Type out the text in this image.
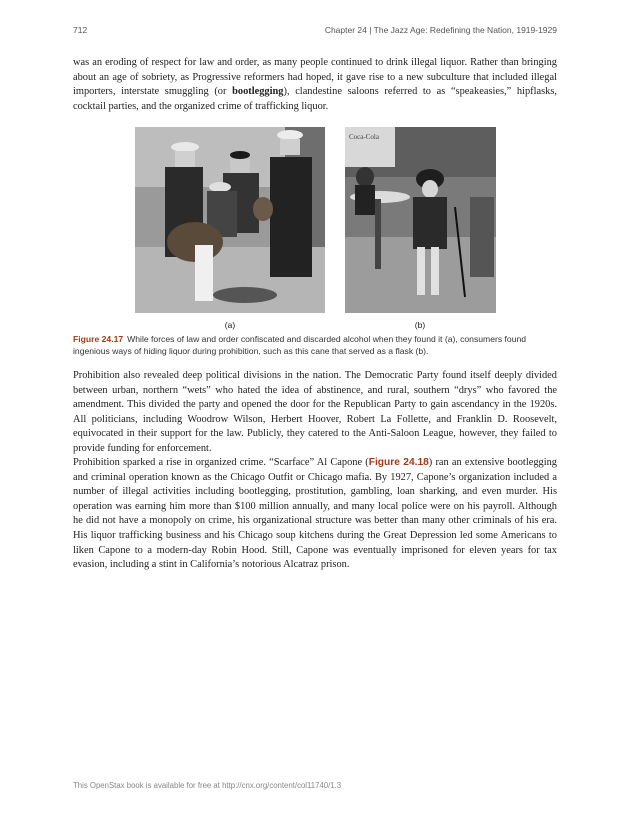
712	Chapter 24 | The Jazz Age: Redefining the Nation, 1919-1929

was an eroding of respect for law and order, as many people continued to drink illegal liquor. Rather than bringing about an age of sobriety, as Progressive reformers had hoped, it gave rise to a new subculture that included illegal importers, interstate smuggling (or bootlegging), clandestine saloons referred to as “speakeasies,” hipflasks, cocktail parties, and the organized crime of trafficking liquor.

Coca-Cola
(a)	(b)
Figure 24.17 While forces of law and order confiscated and discarded alcohol when they found it (a), consumers found ingenious ways of hiding liquor during prohibition, such as this cane that served as a flask (b).

Prohibition also revealed deep political divisions in the nation. The Democratic Party found itself deeply divided between urban, northern “wets” who hated the idea of abstinence, and rural, southern “drys” who favored the amendment. This divided the party and opened the door for the Republican Party to gain ascendancy in the 1920s. All politicians, including Woodrow Wilson, Herbert Hoover, Robert La Follette, and Franklin D. Roosevelt, equivocated in their support for the law. Publicly, they catered to the Anti-Saloon League, however, they failed to provide funding for enforcement.

Prohibition sparked a rise in organized crime. “Scarface” Al Capone (Figure 24.18) ran an extensive bootlegging and criminal operation known as the Chicago Outfit or Chicago mafia. By 1927, Capone’s organization included a number of illegal activities including bootlegging, prostitution, gambling, loan sharking, and even murder. His operation was earning him more than $100 million annually, and many local police were on his payroll. Although he did not have a monopoly on crime, his organizational structure was better than many other criminals of his era. His liquor trafficking business and his Chicago soup kitchens during the Great Depression led some Americans to liken Capone to a modern-day Robin Hood. Still, Capone was eventually imprisoned for eleven years for tax evasion, including a stint in California’s notorious Alcatraz prison.

This OpenStax book is available for free at http://cnx.org/content/col11740/1.3
